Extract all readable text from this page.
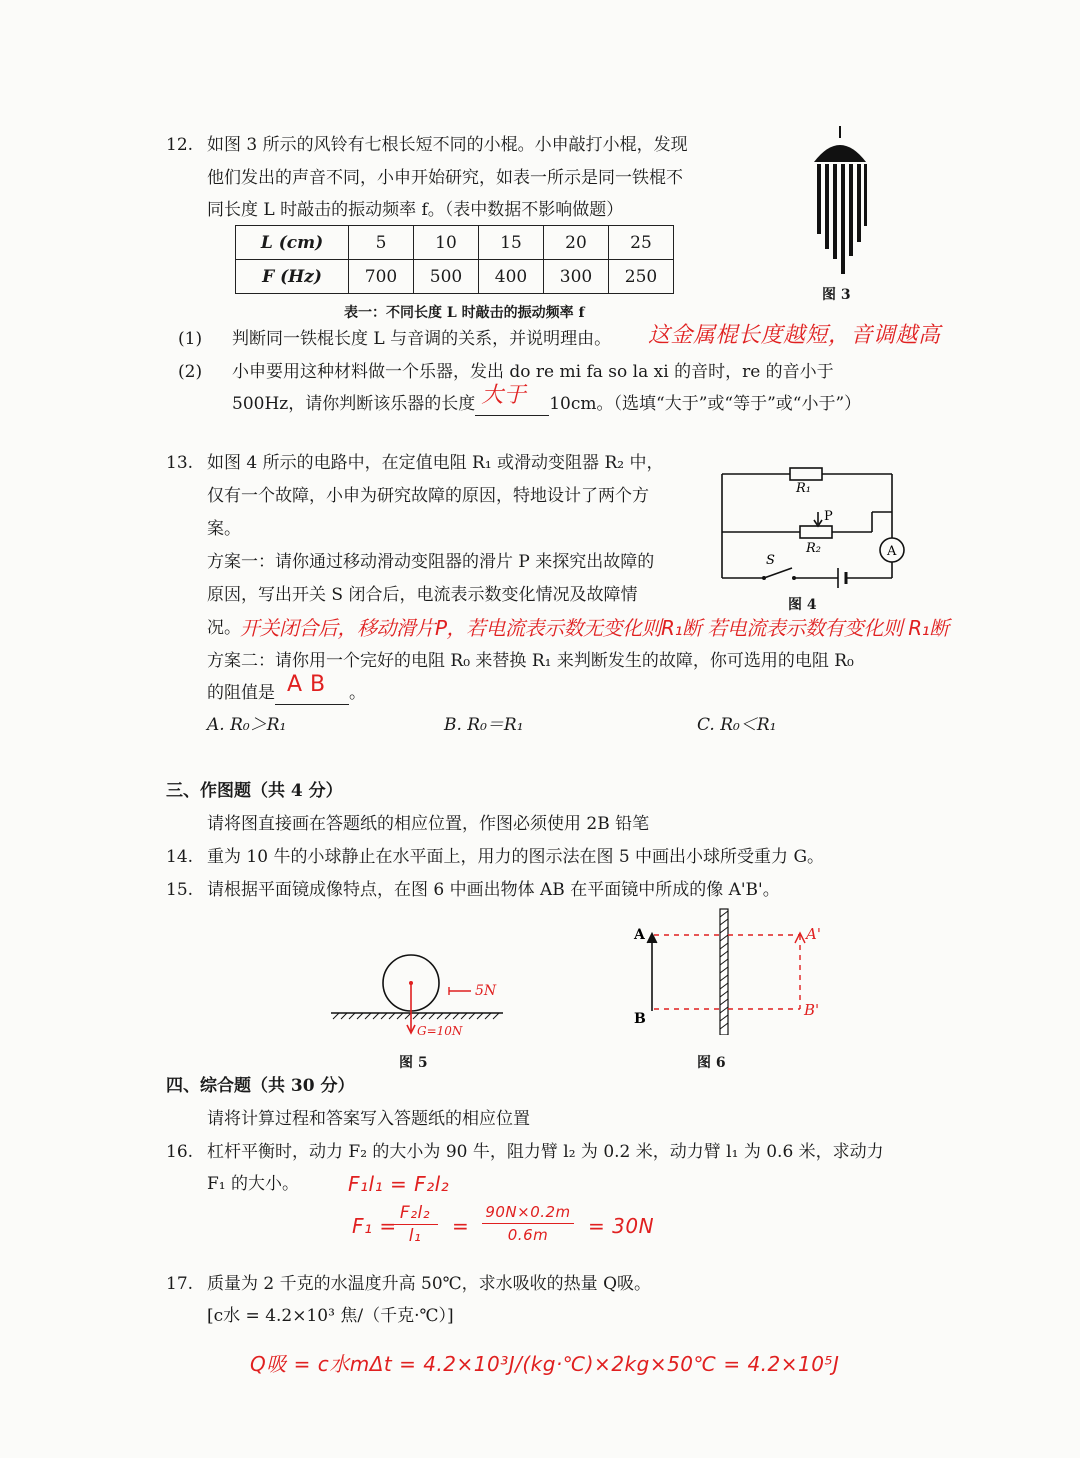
12. 如图 3 所示的风铃有七根长短不同的小棍。小申敲打小棍，发现
他们发出的声音不同，小申开始研究，如表一所示是同一铁棍不
同长度 L 时敲击的振动频率 f。（表中数据不影响做题）
L (cm)	5	10	15	20	25
F (Hz)	700	500	400	300	250
表一：不同长度 L 时敲击的振动频率 f
图 3
(1) 判断同一铁棍长度 L 与音调的关系，并说明理由。 这金属棍长度越短，音调越高
(2) 小申要用这种材料做一个乐器，发出 do re mi fa so la xi 的音时，re 的音小于
500Hz，请你判断该乐器的长度 大于 10cm。（选填“大于”或“等于”或“小于”）
13. 如图 4 所示的电路中，在定值电阻 R₁ 或滑动变阻器 R₂ 中，
仅有一个故障，小申为研究故障的原因，特地设计了两个方
案。
方案一：请你通过移动滑动变阻器的滑片 P 来探究出故障的
原因，写出开关 S 闭合后，电流表示数变化情况及故障情
况。 开关闭合后，移动滑片P，若电流表示数无变化则R₁断 若电流表示数有变化则 R₁断
方案二：请你用一个完好的电阻 R₀ 来替换 R₁ 来判断发生的故障，你可选用的电阻 R₀
的阻值是 A B 。
A. R₀＞R₁	B. R₀＝R₁	C. R₀＜R₁
R₁
P
R₂
S
A
图 4
三、作图题（共 4 分）
请将图直接画在答题纸的相应位置，作图必须使用 2B 铅笔
14. 重为 10 牛的小球静止在水平面上，用力的图示法在图 5 中画出小球所受重力 G。
15. 请根据平面镜成像特点，在图 6 中画出物体 AB 在平面镜中所成的像 A'B'。
5N
G=10N
图 5
A
B
A'
B'
图 6
四、综合题（共 30 分）
请将计算过程和答案写入答题纸的相应位置
16. 杠杆平衡时，动力 F₂ 的大小为 90 牛，阻力臂 l₂ 为 0.2 米，动力臂 l₁ 为 0.6 米，求动力
F₁ 的大小。 F₁l₁ = F₂l₂
F₁ =
F₂l₂
l₁	=
90N×0.2m
0.6m	= 30N
17. 质量为 2 千克的水温度升高 50℃，求水吸收的热量 Q吸。
[c水 = 4.2×10³ 焦/（千克·℃）]
Q吸 = c水mΔt = 4.2×10³J/(kg·℃)×2kg×50℃ = 4.2×10⁵J
